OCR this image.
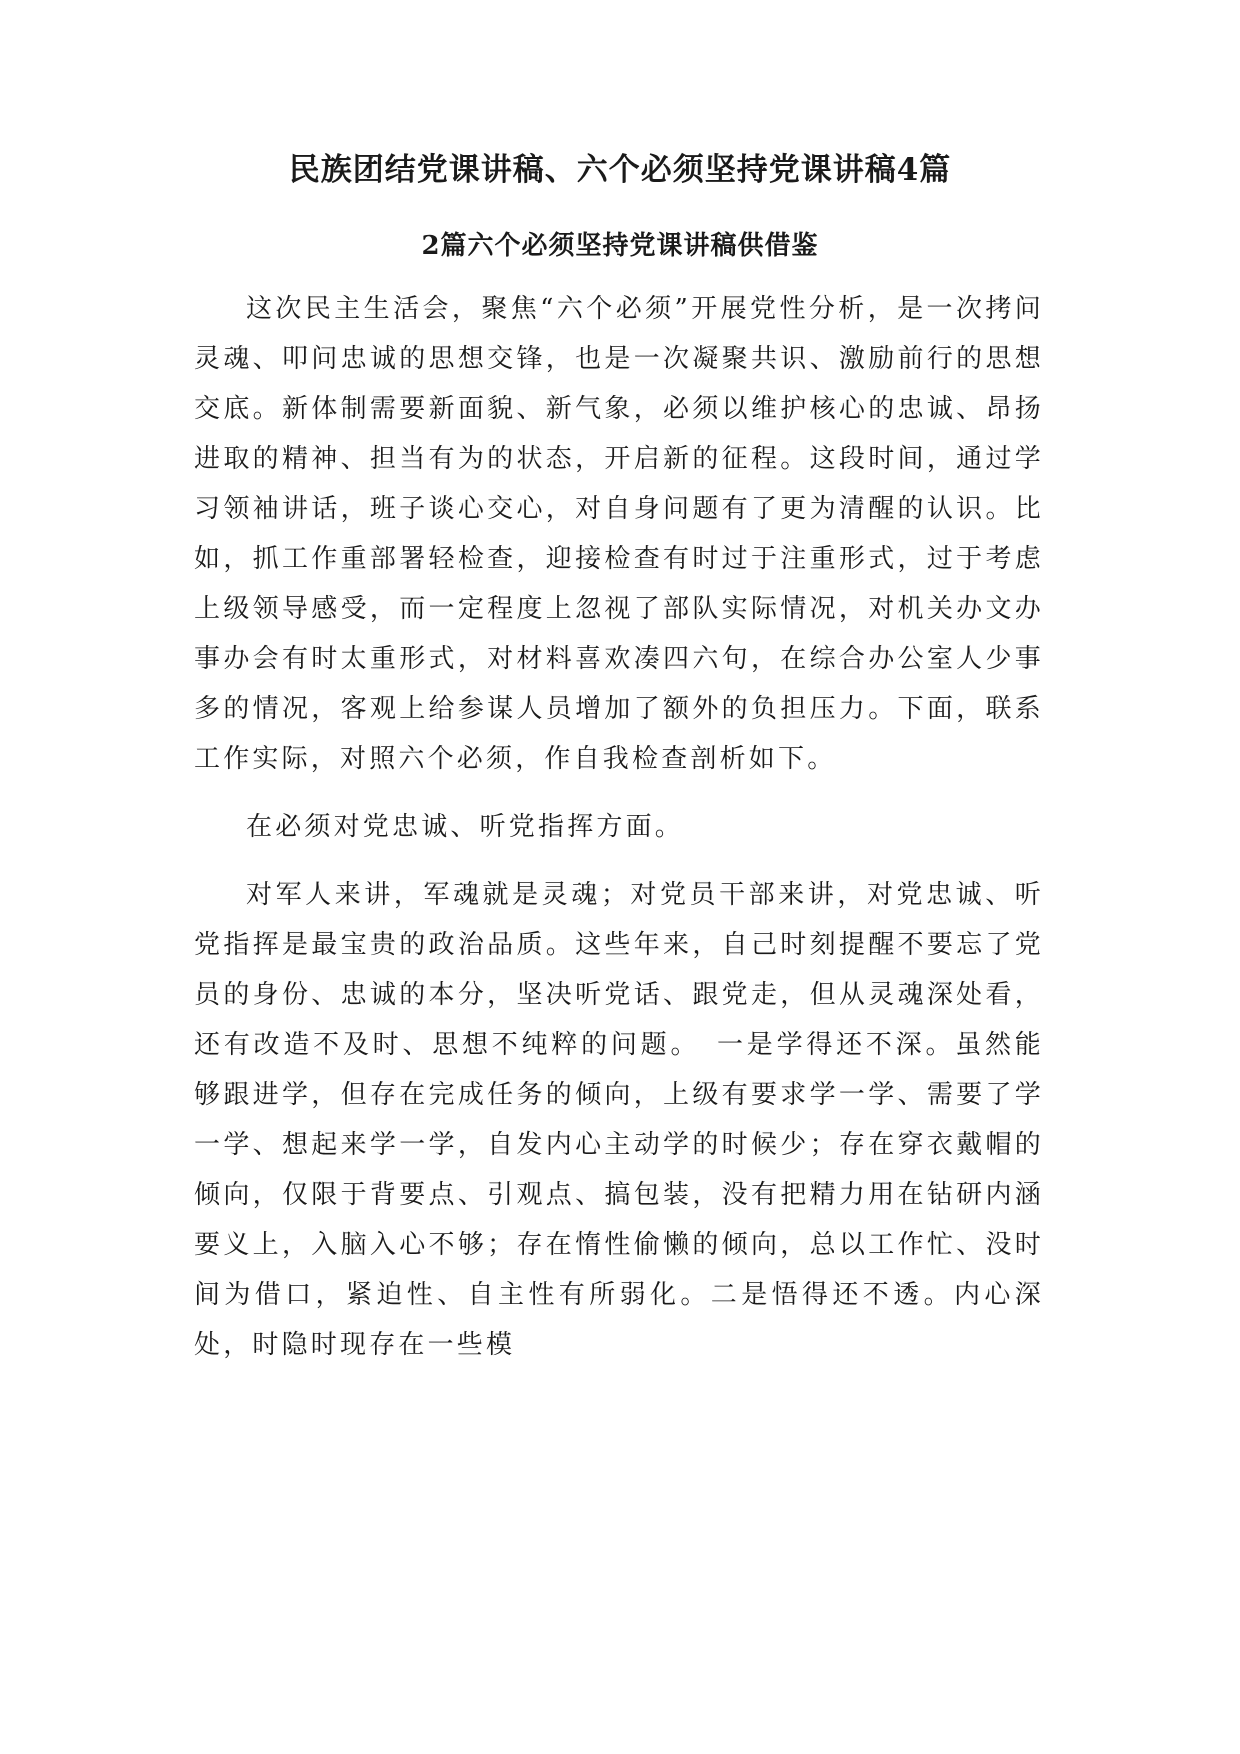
民族团结党课讲稿、六个必须坚持党课讲稿4篇
2篇六个必须坚持党课讲稿供借鉴

这次民主生活会，聚焦“六个必须”开展党性分析，是一次拷问灵魂、叩问忠诚的思想交锋，也是一次凝聚共识、激励前行的思想交底。新体制需要新面貌、新气象，必须以维护核心的忠诚、昂扬进取的精神、担当有为的状态，开启新的征程。这段时间，通过学习领袖讲话，班子谈心交心，对自身问题有了更为清醒的认识。比如，抓工作重部署轻检查，迎接检查有时过于注重形式，过于考虑上级领导感受，而一定程度上忽视了部队实际情况，对机关办文办事办会有时太重形式，对材料喜欢凑四六句，在综合办公室人少事多的情况，客观上给参谋人员增加了额外的负担压力。下面，联系工作实际，对照六个必须，作自我检查剖析如下。

在必须对党忠诚、听党指挥方面。

对军人来讲，军魂就是灵魂；对党员干部来讲，对党忠诚、听党指挥是最宝贵的政治品质。这些年来，自己时刻提醒不要忘了党员的身份、忠诚的本分，坚决听党话、跟党走，但从灵魂深处看，还有改造不及时、思想不纯粹的问题。　一是学得还不深。虽然能够跟进学，但存在完成任务的倾向，上级有要求学一学、需要了学一学、想起来学一学，自发内心主动学的时候少；存在穿衣戴帽的倾向，仅限于背要点、引观点、搞包装，没有把精力用在钻研内涵要义上，入脑入心不够；存在惰性偷懒的倾向，总以工作忙、没时间为借口，紧迫性、自主性有所弱化。二是悟得还不透。内心深处，时隐时现存在一些模
